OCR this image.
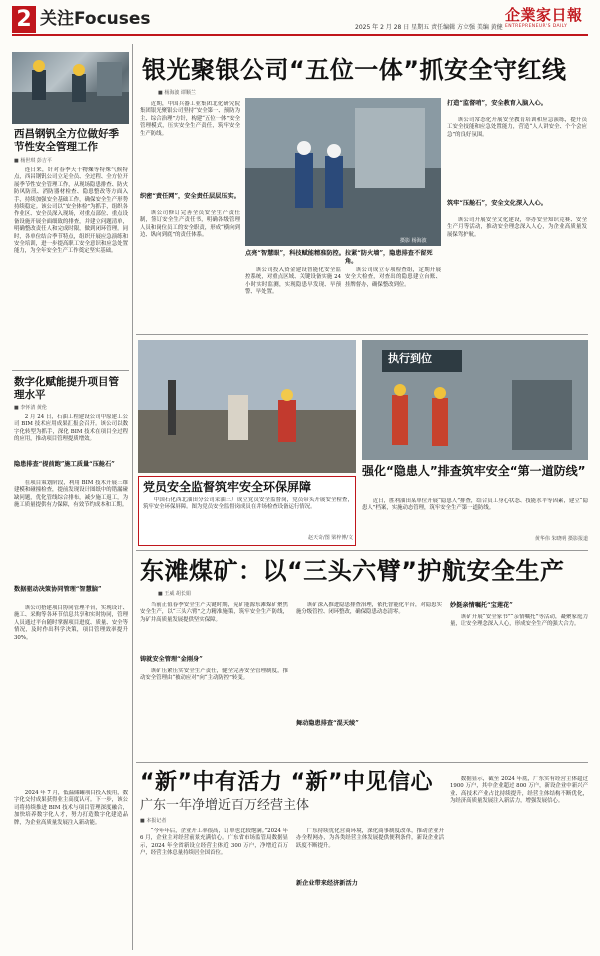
2 关注Focuses	2025 年 2 月 28 日 星期五 责任编辑 方立强 美编 黄健
企業家日報
ENTREPRENEUR'S DAILY
西昌钢钒全方位做好季节性安全管理工作
■ 杨世琪 彭吉平

连日来，针对春季天干物燥等特殊气候特点，西昌钢钒公司立足全员、全过程、全方位开展季节性安全管理工作，从现场隐患排查、防火防风防汛、消防器材检查、隐患整改等方面入手，持续加强安全基础工作，确保安全生产形势持续稳定。该公司以“安全体检”为抓手，组织各作业区、安全员深入现场，对重点部位、重点设备设施开展全面细致的排查，并建立问题清单，明确整改责任人和完成时限，做到闭环管理。同时，各单位结合季节特点，组织开展应急演练和安全培训，进一步提高职工安全意识和应急处置能力，为全年安全生产工作奠定坚实基础。

数字化赋能提升项目管理水平
■ 李怀清 黄伦

2 月 24 日，石油工程建设公司中原建工公司 BIM 技术应用成果汇报会召开。该公司以数字化转型为抓手，深化 BIM 技术在项目全过程的应用，推动项目管理提质增效。

隐患排查“提前跑”施工质量“压舱石”

在项目策划阶段，利用 BIM 技术开展三维建模和碰撞检查，提前发现设计图纸中的错漏碰缺问题，优化管线综合排布，减少施工返工，为施工质量提供有力保障，有效节约成本和工期。

数据驱动决策协同管理“智慧脑”

该公司搭建项目协同管理平台，实现设计、施工、采购等各环节信息共享和实时协同，管理人员通过平台随时掌握项目进度、质量、安全等情况，及时作出科学决策，项目管理效率提升 30%。

2024 年 7 月，低温储罐项目投入使用，数字化交付成果获得业主高度认可。下一步，该公司将持续推进 BIM 技术与项目管理深度融合，加快培养数字化人才，努力打造数字化建造品牌，为企业高质量发展注入新动能。

银光聚银公司“五位一体”抓安全守红线
■ 杨海波 谭顺兰

近期，中国兵器工业集团北化研究院集团银光聚银公司坚持“安全第一、预防为主、综合治理”方针，构建“五位一体”安全管理模式，压实安全生产责任，筑牢安全生产防线。

织密“责任网”，安全责任层层压实。

该公司修订完善全员安全生产责任制，签订安全生产责任书，明确各级管理人员和岗位员工的安全职责，形成“横向到边、纵向到底”的责任体系。

摄影 杨海波
点亮“智慧眼”，科技赋能精准防控。

该公司投入资金建设智能化安全监控系统，对重点区域、关键设备实施 24 小时实时监测，实现隐患早发现、早预警、早处置。

拉紧“防火墙”，隐患排查不留死角。

该公司成立专项检查组，定期开展安全大检查，对查出的隐患建立台账、挂牌督办，确保整改到位。

打造“监督哨”，安全教育入脑入心。

该公司常态化开展安全教育培训和应急演练，提升员工安全技能和应急处置能力，营造“人人讲安全、个个会应急”的良好氛围。

筑牢“压舱石”，安全文化深入人心。

该公司开展安全文化建设，举办安全知识竞赛、安全生产月等活动，推动安全理念深入人心，为企业高质量发展保驾护航。

党员安全监督筑牢安全环保屏障

中国石化西北油田分公司采油三厂成立党员安全监督岗，党员带头开展安全检查，筑牢安全环保屏障。图为党员安全监督岗成员在井场检查设备运行情况。

赵天奇/图 梁梓博/文
执行到位
强化“隐患人”排查筑牢安全“第一道防线”

近日，胜利油田某单位开展“隐患人”排查，结合员工身心状态、技能水平等因素，建立“隐患人”档案，实施动态管理，筑牢安全生产第一道防线。

黄华伟 朱晓明 摄影报道
东滩煤矿：以“三头六臂”护航安全生产
■ 王威 胡长娟

当前正值春季安全生产关键时期，兖矿能源东滩煤矿聚焦安全生产，以“三头六臂”之力精准施策，筑牢安全生产防线，为矿井高质量发展提供坚实保障。

铸就安全管理“金刚身”

该矿压紧压实安全生产责任，健全完善安全管理制度，推动安全管理由“被动应对”向“主动防控”转变。

舞动隐患排查“混天绫”

该矿深入推进隐患排查治理，依托智能化平台，对隐患实施分级管控、闭环整改，确保隐患动态清零。

妙挺亲情嘱托“宝莲花”

该矿开展“安全家书”“亲情嘱托”等活动，凝聚家庭力量，让安全理念深入人心，形成安全生产的强大合力。

“新”中有活力 “新”中见信心
广东一年净增近百万经营主体
■ 本报记者

“今年年后，企业开工率很高，订单也比较饱满。”2024 年 6 月，企业主对经营前景充满信心。广东省市场监管局数据显示，2024 年全省新设立经营主体近 300 万户，净增近百万户，经营主体总量持续居全国首位。

新企业带来经济新活力

广东持续优化营商环境，深化商事制度改革，推动企业开办全程网办，为各类经营主体发展提供便利条件，新设企业活跃度不断提升。

数据显示，截至 2024 年底，广东实有经营主体超过 1900 万户，其中企业超过 800 万户，新设企业中新兴产业、高技术产业占比持续提升，经营主体结构不断优化，为经济高质量发展注入新活力，增强发展信心。
